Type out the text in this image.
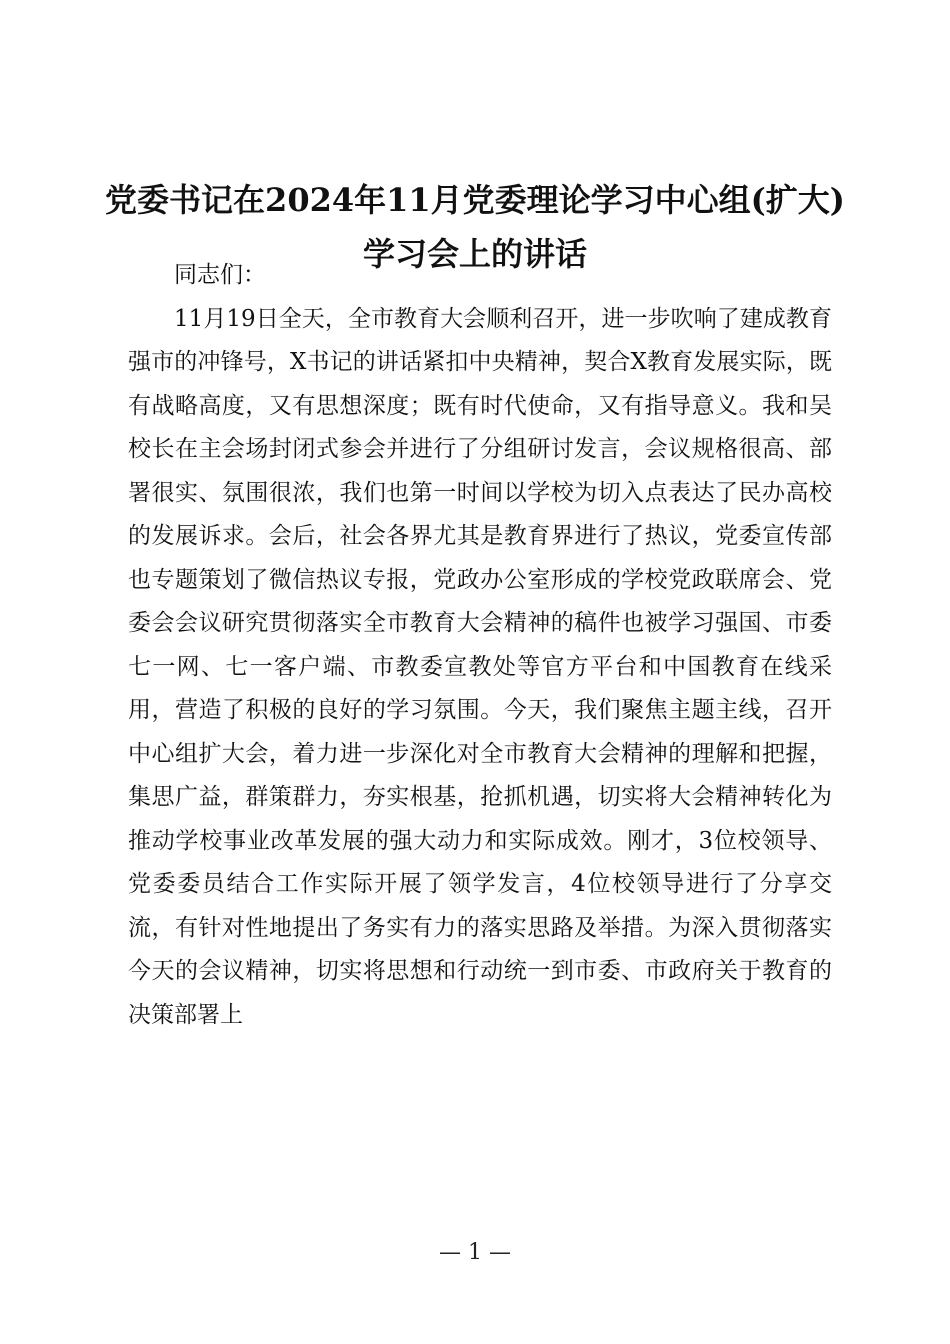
党委书记在2024年11月党委理论学习中心组(扩大)学习会上的讲话

同志们：

11月19日全天，全市教育大会顺利召开，进一步吹响了建成教育强市的冲锋号，X书记的讲话紧扣中央精神，契合X教育发展实际，既有战略高度，又有思想深度；既有时代使命，又有指导意义。我和吴校长在主会场封闭式参会并进行了分组研讨发言，会议规格很高、部署很实、氛围很浓，我们也第一时间以学校为切入点表达了民办高校的发展诉求。会后，社会各界尤其是教育界进行了热议，党委宣传部也专题策划了微信热议专报，党政办公室形成的学校党政联席会、党委会会议研究贯彻落实全市教育大会精神的稿件也被学习强国、市委七一网、七一客户端、市教委宣教处等官方平台和中国教育在线采用，营造了积极的良好的学习氛围。今天，我们聚焦主题主线，召开中心组扩大会，着力进一步深化对全市教育大会精神的理解和把握，集思广益，群策群力，夯实根基，抢抓机遇，切实将大会精神转化为推动学校事业改革发展的强大动力和实际成效。刚才，3位校领导、党委委员结合工作实际开展了领学发言，4位校领导进行了分享交流，有针对性地提出了务实有力的落实思路及举措。为深入贯彻落实今天的会议精神，切实将思想和行动统一到市委、市政府关于教育的决策部署上

— 1 —
